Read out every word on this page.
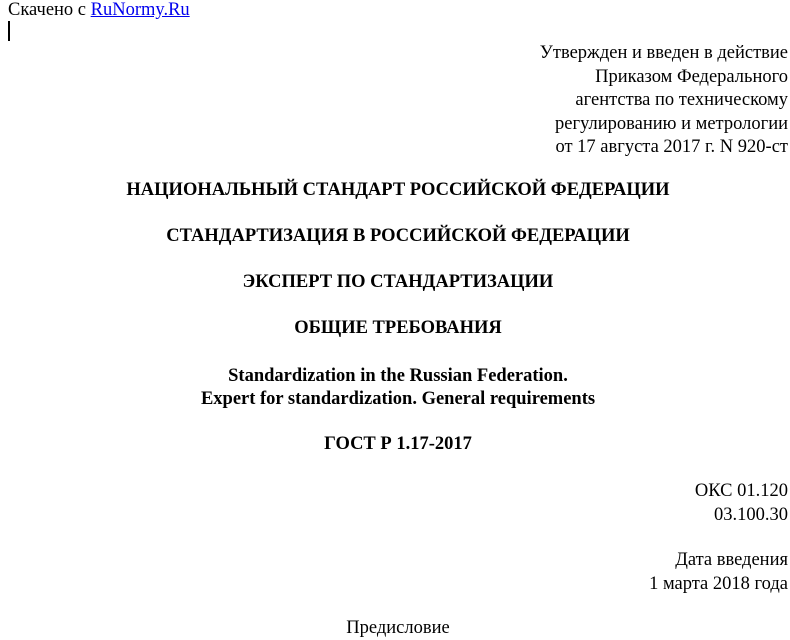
Скачено с RuNormy.Ru
Утвержден и введен в действие
Приказом Федерального
агентства по техническому
регулированию и метрологии
от 17 августа 2017 г. N 920-ст
НАЦИОНАЛЬНЫЙ СТАНДАРТ РОССИЙСКОЙ ФЕДЕРАЦИИ
СТАНДАРТИЗАЦИЯ В РОССИЙСКОЙ ФЕДЕРАЦИИ
ЭКСПЕРТ ПО СТАНДАРТИЗАЦИИ
ОБЩИЕ ТРЕБОВАНИЯ
Standardization in the Russian Federation.
Expert for standardization. General requirements
ГОСТ Р 1.17-2017
ОКС 01.120
03.100.30
Дата введения
1 марта 2018 года
Предисловие
